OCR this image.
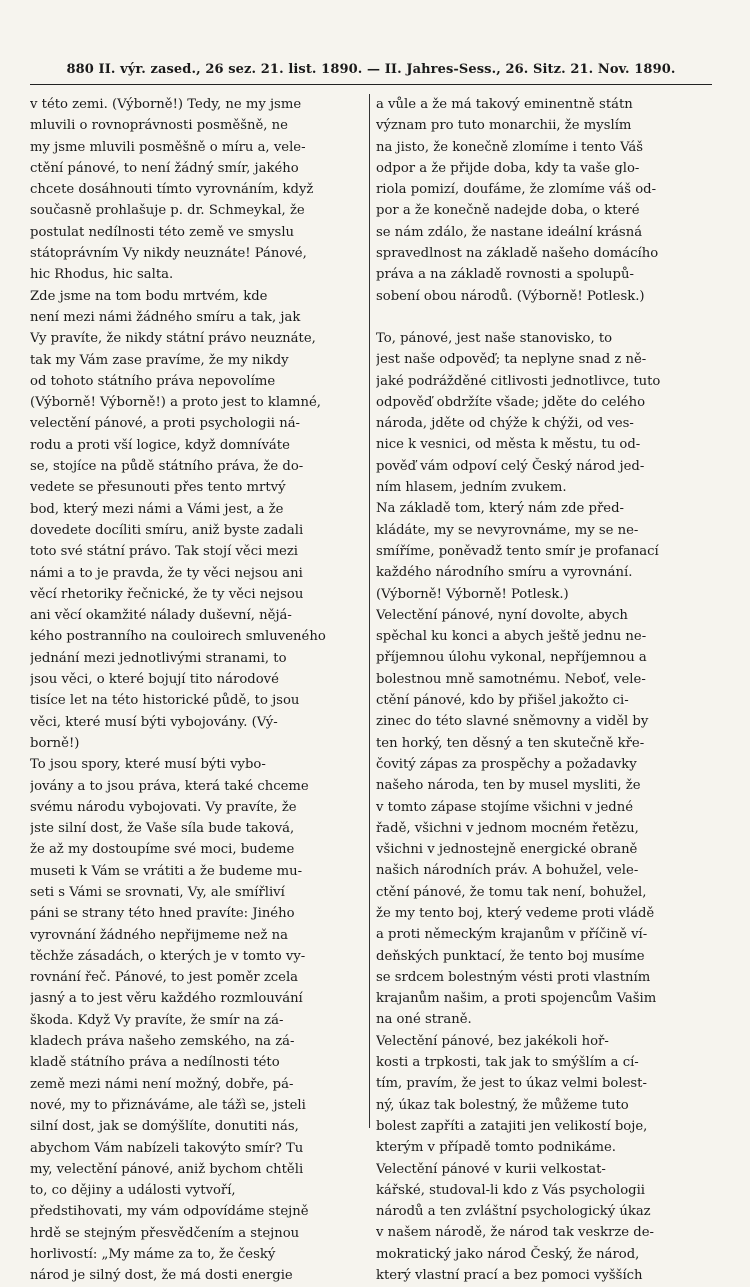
880 II. výr. zased., 26 sez. 21. list. 1890. — II. Jahres-Sess., 26. Sitz. 21. Nov. 1890.
v této zemi. (Výborně!) Tedy, ne my jsme
mluvili o rovnoprávnosti posměšně, ne
my jsme mluvili posměšně o míru a, vele-
ctění pánové, to není žádný smír, jakého
chcete dosáhnouti tímto vyrovnáním, když
současně prohlašuje p. dr. Schmeykal, že
postulat nedílnosti této země ve smyslu
státoprávním Vy nikdy neuznáte! Pánové,
hic Rhodus, hic salta.
Zde jsme na tom bodu mrtvém, kde
není mezi námi žádného smíru a tak, jak
Vy pravíte, že nikdy státní právo neuznáte,
tak my Vám zase pravíme, že my nikdy
od tohoto státního práva nepovolíme
(Výborně! Výborně!) a proto jest to klamné,
velectění pánové, a proti psychologii ná-
rodu a proti vší logice, když domníváte
se, stojíce na půdě státního práva, že do-
vedete se přesunouti přes tento mrtvý
bod, který mezi námi a Vámi jest, a že
dovedete docíliti smíru, aniž byste zadali
toto své státní právo. Tak stojí věci mezi
námi a to je pravda, že ty věci nejsou ani
věcí rhetoriky řečnické, že ty věci nejsou
ani věcí okamžité nálady duševní, nějá-
kého postranního na couloirech smluveného
jednání mezi jednotlivými stranami, to
jsou věci, o které bojují tito národové
tisíce let na této historické půdě, to jsou
věci, které musí býti vybojovány. (Vý-
borně!)
To jsou spory, které musí býti vybo-
jovány a to jsou práva, která také chceme
svému národu vybojovati. Vy pravíte, že
jste silní dost, že Vaše síla bude taková,
že až my dostoupíme své moci, budeme
museti k Vám se vrátiti a že budeme mu-
seti s Vámi se srovnati, Vy, ale smířliví
páni se strany této hned pravíte: Jiného
vyrovnání žádného nepřijmeme než na
těchže zásadách, o kterých je v tomto vy-
rovnání řeč. Pánové, to jest poměr zcela
jasný a to jest věru každého rozmlouvání
škoda. Když Vy pravíte, že smír na zá-
kladech práva našeho zemského, na zá-
kladě státního práva a nedílnosti této
země mezi námi není možný, dobře, pá-
nové, my to přiznáváme, ale tážì se, jsteli
silní dost, jak se domýšlíte, donutiti nás,
abychom Vám nabízeli takovýto smír? Tu
my, velectění pánové, aniž bychom chtěli
to, co dějiny a události vytvoří,
předstihovati, my vám odpovídáme stejně
hrdě se stejným přesvědčením a stejnou
horlivostí: „My máme za to, že český
národ je silný dost, že má dosti energie
a vůle a že má takový eminentně státn
význam pro tuto monarchii, že myslím
na jisto, že konečně zlomíme i tento Váš
odpor a že přijde doba, kdy ta vaše glo-
riola pomizí, doufáme, že zlomíme váš od-
por a že konečně nadejde doba, o které
se nám zdálo, že nastane ideální krásná
spravedlnost na základě našeho domácího
práva a na základě rovnosti a spolupů-
sobení obou národů. (Výborně! Potlesk.)
To, pánové, jest naše stanovisko, to
jest naše odpověď; ta neplyne snad z ně-
jaké podrážděné citlivosti jednotlivce, tuto
odpověď obdržíte všade; jděte do celého
národa, jděte od chýže k chýži, od ves-
nice k vesnici, od města k městu, tu od-
pověď vám odpoví celý Český národ jed-
ním hlasem, jedním zvukem.
Na základě tom, který nám zde před-
kládáte, my se nevyrovnáme, my se ne-
smíříme, poněvadž tento smír je profanací
každého národního smíru a vyrovnání.
(Výborně! Výborně! Potlesk.)
Velectění pánové, nyní dovolte, abych
spěchal ku konci a abych ještě jednu ne-
příjemnou úlohu vykonal, nepříjemnou a
bolestnou mně samotnému. Neboť, vele-
ctění pánové, kdo by přišel jakožto ci-
zinec do této slavné sněmovny a viděl by
ten horký, ten děsný a ten skutečně kře-
čovitý zápas za prospěchy a požadavky
našeho národa, ten by musel mysliti, že
v tomto zápase stojíme všichni v jedné
řadě, všichni v jednom mocném řetězu,
všichni v jednostejně energické obraně
našich národních práv. A bohužel, vele-
ctění pánové, že tomu tak není, bohužel,
že my tento boj, který vedeme proti vládě
a proti německým krajanům v příčině ví-
deňských punktací, že tento boj musíme
se srdcem bolestným vésti proti vlastním
krajanům našim, a proti spojencům Vašim
na oné straně.
Velectění pánové, bez jakékoli hoř-
kosti a trpkosti, tak jak to smýšlím a cí-
tím, pravím, že jest to úkaz velmi bolest-
ný, úkaz tak bolestný, že můžeme tuto
bolest zapříti a zatajiti jen velikostí boje,
kterým v případě tomto podnikáme.
Velectění pánové v kurii velkostat-
kářské, studoval-li kdo z Vás psychologii
národů a ten zvláštní psychologický úkaz
v našem národě, že národ tak veskrze de-
mokratický jako národ Český, že národ,
který vlastní prací a bez pomoci vyšších
